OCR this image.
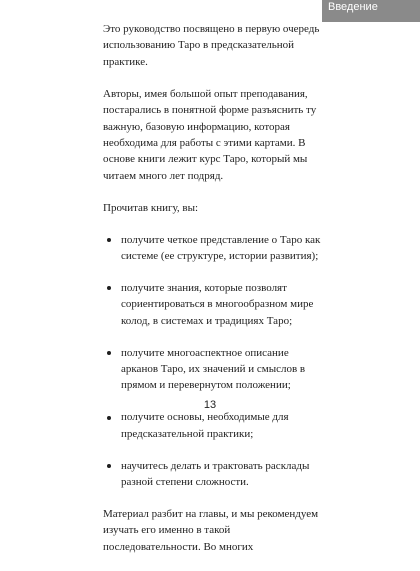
Введение

Это руководство посвящено в первую очередь использованию Таро в предсказательной практике.

Авторы, имея большой опыт преподавания, постарались в понятной форме разъяснить ту важную, базовую информацию, которая необходима для работы с этими картами. В основе книги лежит курс Таро, который мы читаем много лет подряд.

Прочитав книгу, вы:

получите четкое представление о Таро как системе (ее структуре, истории развития);
получите знания, которые позволят сориентироваться в многообразном мире колод, в системах и традициях Таро;
получите многоаспектное описание арканов Таро, их значений и смыслов в прямом и перевернутом положении;
получите основы, необходимые для предсказательной практики;
научитесь делать и трактовать расклады разной степени сложности.

Материал разбит на главы, и мы рекомендуем изучать его именно в такой последовательности. Во многих

13
